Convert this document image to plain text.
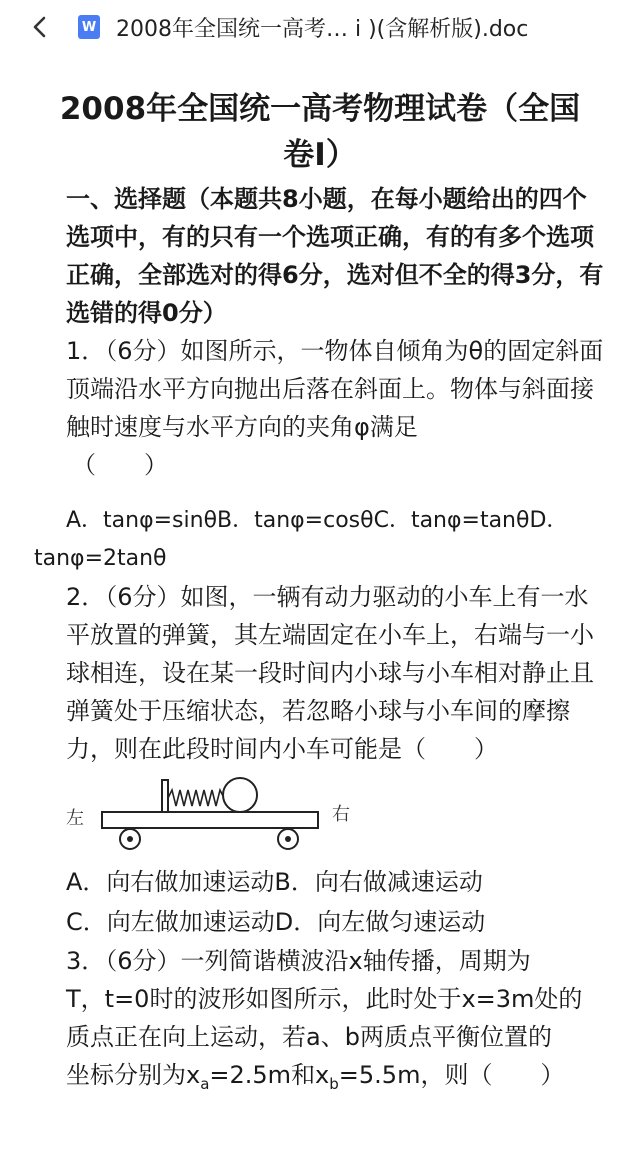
W 2008年全国统一高考… i )(含解析版).doc
2008年全国统一高考物理试卷（全国
卷I）
一、选择题（本题共8小题，在每小题给出的四个选项中，有的只有一个选项正确，有的有多个选项正确，全部选对的得6分，选对但不全的得3分，有选错的得0分）
1．（6分）如图所示，一物体自倾角为θ的固定斜面顶端沿水平方向抛出后落在斜面上。物体与斜面接触时速度与水平方向的夹角φ满足
（　　）
A．tanφ=sinθB．tanφ=cosθC．tanφ=tanθD．
tanφ=2tanθ
2．（6分）如图，一辆有动力驱动的小车上有一水平放置的弹簧，其左端固定在小车上，右端与一小球相连，设在某一段时间内小球与小车相对静止且弹簧处于压缩状态，若忽略小球与小车间的摩擦力，则在此段时间内小车可能是（　　）
左	右
A．向右做加速运动B．向右做减速运动
C．向左做加速运动D．向左做匀速运动
3．（6分）一列简谐横波沿x轴传播，周期为
T，t=0时的波形如图所示，此时处于x=3m处的
质点正在向上运动，若a、b两质点平衡位置的
坐标分别为$x_a=2.5m$和$x_b=5.5m$，则（　　）
